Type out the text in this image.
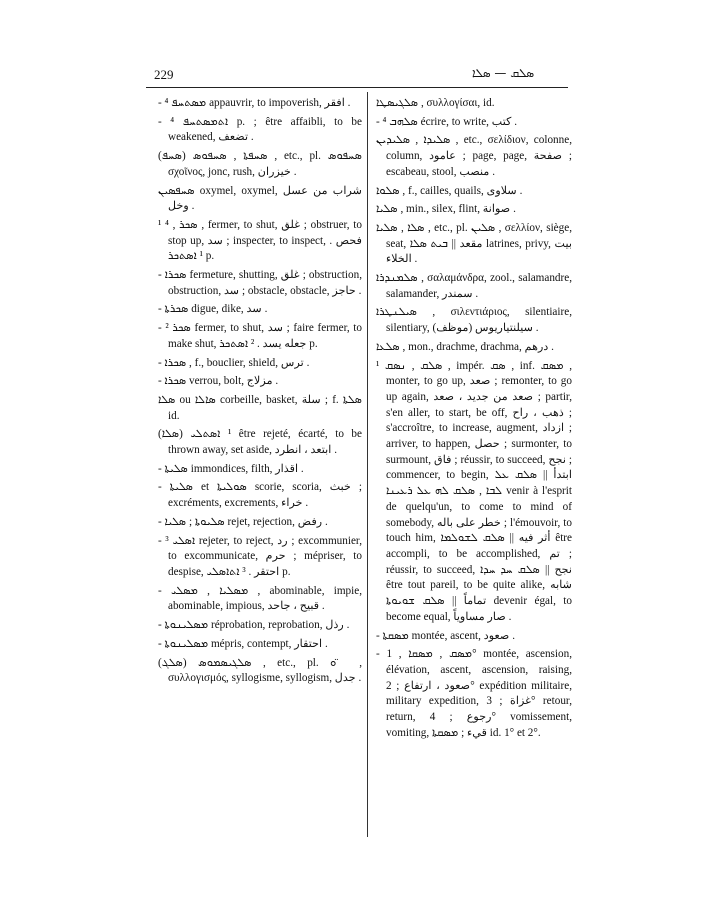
229	ܣܠܩ — ܣܠܐ

- ܡܣܬܚܦ ⁴ appauvrir, to impoverish, افقر .

- ⁴ ܐܬܡܣܬܚܦ p. ; être affaibli, to be weakened, تضعف .

(ܣܚܦ) ܣܚܦܬܐ , ܣܚܦܘܣ , etc., pl. ܣܚܦܘܣ σχοῖνος, jonc, rush, خيزران .

ܣܚܦܣܝܢ oxymel, oxymel, شراب من عسل وخل .

¹ ܣܟܪ , ⁴ , fermer, to shut, غلق ; obstruer, to stop up, سد ; inspecter, to inspect, فحص . ¹ ܐܣܬܟܪ p.

- ܣܟܪܐ fermeture, shutting, غلق ; obstruction, obstruction, سد ; obstacle, obstacle, حاجز .

- ܣܟܪܬܐ digue, dike, سد .

- ² ܣܟܪ fermer, to shut, سد ; faire fermer, to make shut, جعله يسد . ² ܐܣܬܟܪ p.

- ܣܟܪܐ , f., bouclier, shield, ترس .

- ܣܟܪܐ verrou, bolt, مزلاج .

ܣܠܐ ou ܣܐܠܐ corbeille, basket, سلة ; f. ܣܠܬܐ id.

(ܣܠܐ) ¹ ܐܣܬܠܝ être rejeté, écarté, to be thrown away, set aside, ابتعد ، انطرد .

- ܣܠܝܬܐ immondices, filth, اقذار .

- ܣܠܝܬܐ et ܣܘܠܝܬܐ scorie, scoria, خبث ; excréments, excrements, خراء .

- ܣܠܝܘܬܐ ; ܣܠܝܐ rejet, rejection, رفض .

- ³ ܐܣܠܝ rejeter, to reject, رد ; excommunier, to excommunicate, حرم ; mépriser, to despise, احتقر . ³ ܐܬܐܣܠܝ p.

- ܡܣܠܝܐ , ܡܣܠܝ , abominable, impie, abominable, impious, قبيح ، جاحد .

- ܡܣܠܝܢܘܬܐ réprobation, reprobation, رذل .

- ܡܣܠܝܢܘܬܐ mépris, contempt, احتقار .

(ܣܠܓ) ܣܠܓܝܣܡܘܣ , etc., pl. ܘ ̈ , συλλογισμός, syllogisme, syllogism, جدل .

ܣܠܓܝܣܛܐ , συλλογίσαι, id.

- ⁴ ܣܠܗܒ écrire, to write, كتب .

ܣܠܝܕܐ , ܣܠܝܕܝܢ , etc., σελίδιον, colonne, column, عامود ; page, page, صفحة ; escabeau, stool, منصب .

ܣܠܘܐ , f., cailles, quails, سلاوى .

ܣܠܝܐ , min., silex, flint, صوانة .

ܣܠܐ , ܣܠܝܐ , etc., pl. ܣܠܝܢ , σελλίον, siège, seat, مقعد || ܒܝܬ ܣܠܐ latrines, privy, بيت الخلاء .

ܣܠܡܢܕܪܐ , σαλαμάνδρα, zool., salamandre, salamander, سمندر .

ܣܝܠܢܛܪܐ , σιλεντιάριος, silentiaire, silentiary, سيلنتياريوس (موظف) .

ܣܠܥܐ , mon., drachme, drachma, درهم .

¹ ܣܠܩ , ܢܣܩ , impér. ܣܩ , inf. ܡܣܩ , monter, to go up, صعد ; remonter, to go up again, صعد من جديد ، صعد ; partir, s'en aller, to start, be off, ذهب ، راح ; s'accroître, to increase, augment, ازداد ; arriver, to happen, حصل ; surmonter, to surmount, فاق ; réussir, to succeed, نجح ; commencer, to begin, ابتدأ || ܣܠܩ ܥܠ ܠܒܐ , ܣܠܩ ܠܗ ܥܠ ܪܥܝܢܐ venir à l'esprit de quelqu'un, to come to mind of somebody, خطر على باله ; l'émouvoir, to touch him, أثر فيه || ܣܠܩ ܠܫܘܠܡܐ être accompli, to be accomplished, تم ; réussir, to succeed, نجح || ܣܠܩ ܚܕ ܚܕܐ être tout pareil, to be quite alike, شابه تماماً || ܣܠܩ ܫܘܝܘܬܐ devenir égal, to become equal, صار مساوياً .

- ܡܣܩܬܐ montée, ascent, صعود .

- ܡܣܩ , ܡܣܩܐ , 1° montée, ascension, élévation, ascent, ascension, raising, صعود ، ارتفاع ; 2° expédition militaire, military expedition, غزاة ; 3° retour, return, رجوع ; 4° vomissement, vomiting, قيء ; ܡܣܩܬܐ id. 1° et 2°.
